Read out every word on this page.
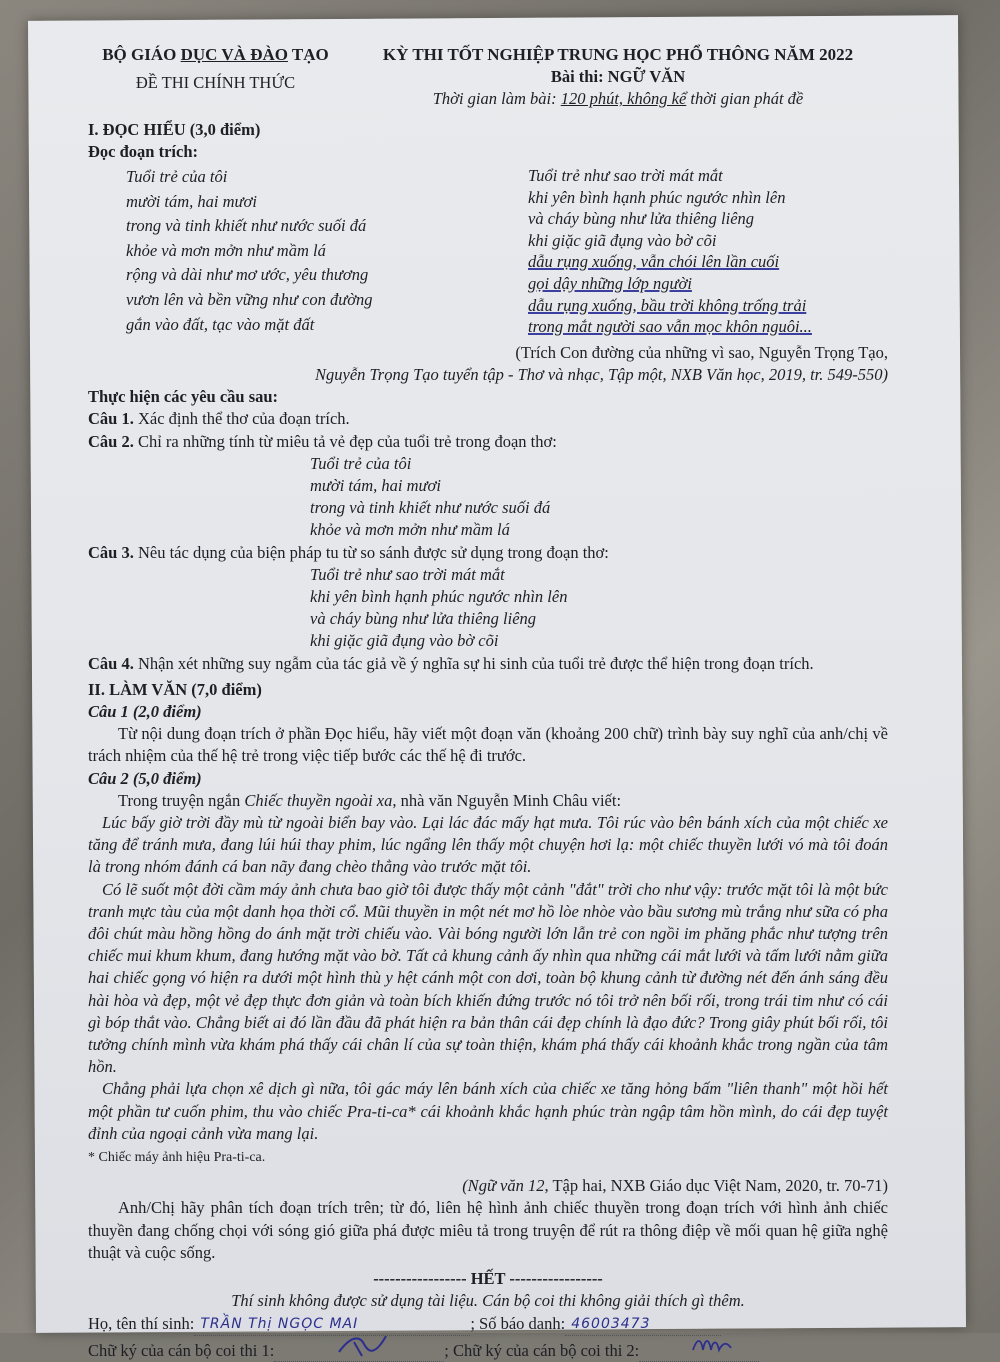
BỘ GIÁO DỤC VÀ ĐÀO TẠO
ĐỀ THI CHÍNH THỨC
KỲ THI TỐT NGHIỆP TRUNG HỌC PHỔ THÔNG NĂM 2022
Bài thi: NGỮ VĂN
Thời gian làm bài: 120 phút, không kể thời gian phát đề
I. ĐỌC HIỂU (3,0 điểm)
Đọc đoạn trích:
Tuổi trẻ của tôi
mười tám, hai mươi
trong và tinh khiết như nước suối đá
khỏe và mơn mởn như mầm lá
rộng và dài như mơ ước, yêu thương
vươn lên và bền vững như con đường
gắn vào đất, tạc vào mặt đất
Tuổi trẻ như sao trời mát mắt
khi yên bình hạnh phúc ngước nhìn lên
và cháy bùng như lửa thiêng liêng
khi giặc giã đụng vào bờ cõi
dẫu rụng xuống, vẫn chói lên lần cuối
gọi dậy những lớp người
dẫu rụng xuống, bầu trời không trống trải
trong mắt người sao vẫn mọc khôn nguôi...
(Trích Con đường của những vì sao, Nguyễn Trọng Tạo,
Nguyễn Trọng Tạo tuyển tập - Thơ và nhạc, Tập một, NXB Văn học, 2019, tr. 549-550)
Thực hiện các yêu cầu sau:
Câu 1. Xác định thể thơ của đoạn trích.
Câu 2. Chỉ ra những tính từ miêu tả vẻ đẹp của tuổi trẻ trong đoạn thơ:
Tuổi trẻ của tôi
mười tám, hai mươi
trong và tinh khiết như nước suối đá
khỏe và mơn mởn như mầm lá
Câu 3. Nêu tác dụng của biện pháp tu từ so sánh được sử dụng trong đoạn thơ:
Tuổi trẻ như sao trời mát mắt
khi yên bình hạnh phúc ngước nhìn lên
và cháy bùng như lửa thiêng liêng
khi giặc giã đụng vào bờ cõi
Câu 4. Nhận xét những suy ngẫm của tác giả về ý nghĩa sự hi sinh của tuổi trẻ được thể hiện trong đoạn trích.
II. LÀM VĂN (7,0 điểm)
Câu 1 (2,0 điểm)
Từ nội dung đoạn trích ở phần Đọc hiểu, hãy viết một đoạn văn (khoảng 200 chữ) trình bày suy nghĩ của anh/chị về trách nhiệm của thế hệ trẻ trong việc tiếp bước các thế hệ đi trước.
Câu 2 (5,0 điểm)
Trong truyện ngắn Chiếc thuyền ngoài xa, nhà văn Nguyễn Minh Châu viết:
Lúc bấy giờ trời đầy mù từ ngoài biển bay vào. Lại lác đác mấy hạt mưa. Tôi rúc vào bên bánh xích của một chiếc xe tăng để tránh mưa, đang lúi húi thay phim, lúc ngẩng lên thấy một chuyện hơi lạ: một chiếc thuyền lưới vó mà tôi đoán là trong nhóm đánh cá ban nãy đang chèo thẳng vào trước mặt tôi.
Có lẽ suốt một đời cầm máy ảnh chưa bao giờ tôi được thấy một cảnh "đắt" trời cho như vậy: trước mặt tôi là một bức tranh mực tàu của một danh họa thời cổ. Mũi thuyền in một nét mơ hồ lòe nhòe vào bầu sương mù trắng như sữa có pha đôi chút màu hồng hồng do ánh mặt trời chiếu vào. Vài bóng người lớn lẫn trẻ con ngồi im phăng phắc như tượng trên chiếc mui khum khum, đang hướng mặt vào bờ. Tất cả khung cảnh ấy nhìn qua những cái mắt lưới và tấm lưới nằm giữa hai chiếc gọng vó hiện ra dưới một hình thù y hệt cánh một con dơi, toàn bộ khung cảnh từ đường nét đến ánh sáng đều hài hòa và đẹp, một vẻ đẹp thực đơn giản và toàn bích khiến đứng trước nó tôi trở nên bối rối, trong trái tim như có cái gì bóp thắt vào. Chẳng biết ai đó lần đầu đã phát hiện ra bản thân cái đẹp chính là đạo đức? Trong giây phút bối rối, tôi tưởng chính mình vừa khám phá thấy cái chân lí của sự toàn thiện, khám phá thấy cái khoảnh khắc trong ngần của tâm hồn.
Chẳng phải lựa chọn xê dịch gì nữa, tôi gác máy lên bánh xích của chiếc xe tăng hỏng bấm "liên thanh" một hồi hết một phần tư cuốn phim, thu vào chiếc Pra-ti-ca* cái khoảnh khắc hạnh phúc tràn ngập tâm hồn mình, do cái đẹp tuyệt đỉnh của ngoại cảnh vừa mang lại.
* Chiếc máy ảnh hiệu Pra-ti-ca.
(Ngữ văn 12, Tập hai, NXB Giáo dục Việt Nam, 2020, tr. 70-71)
Anh/Chị hãy phân tích đoạn trích trên; từ đó, liên hệ hình ảnh chiếc thuyền trong đoạn trích với hình ảnh chiếc thuyền đang chống chọi với sóng gió giữa phá được miêu tả trong truyện để rút ra thông điệp về mối quan hệ giữa nghệ thuật và cuộc sống.
----------------- HẾT -----------------
Thí sinh không được sử dụng tài liệu. Cán bộ coi thi không giải thích gì thêm.
Họ, tên thí sinh: TRẦN Thị NGỌC MAI	; Số báo danh: 46003473
Chữ ký của cán bộ coi thi 1:	; Chữ ký của cán bộ coi thi 2:
